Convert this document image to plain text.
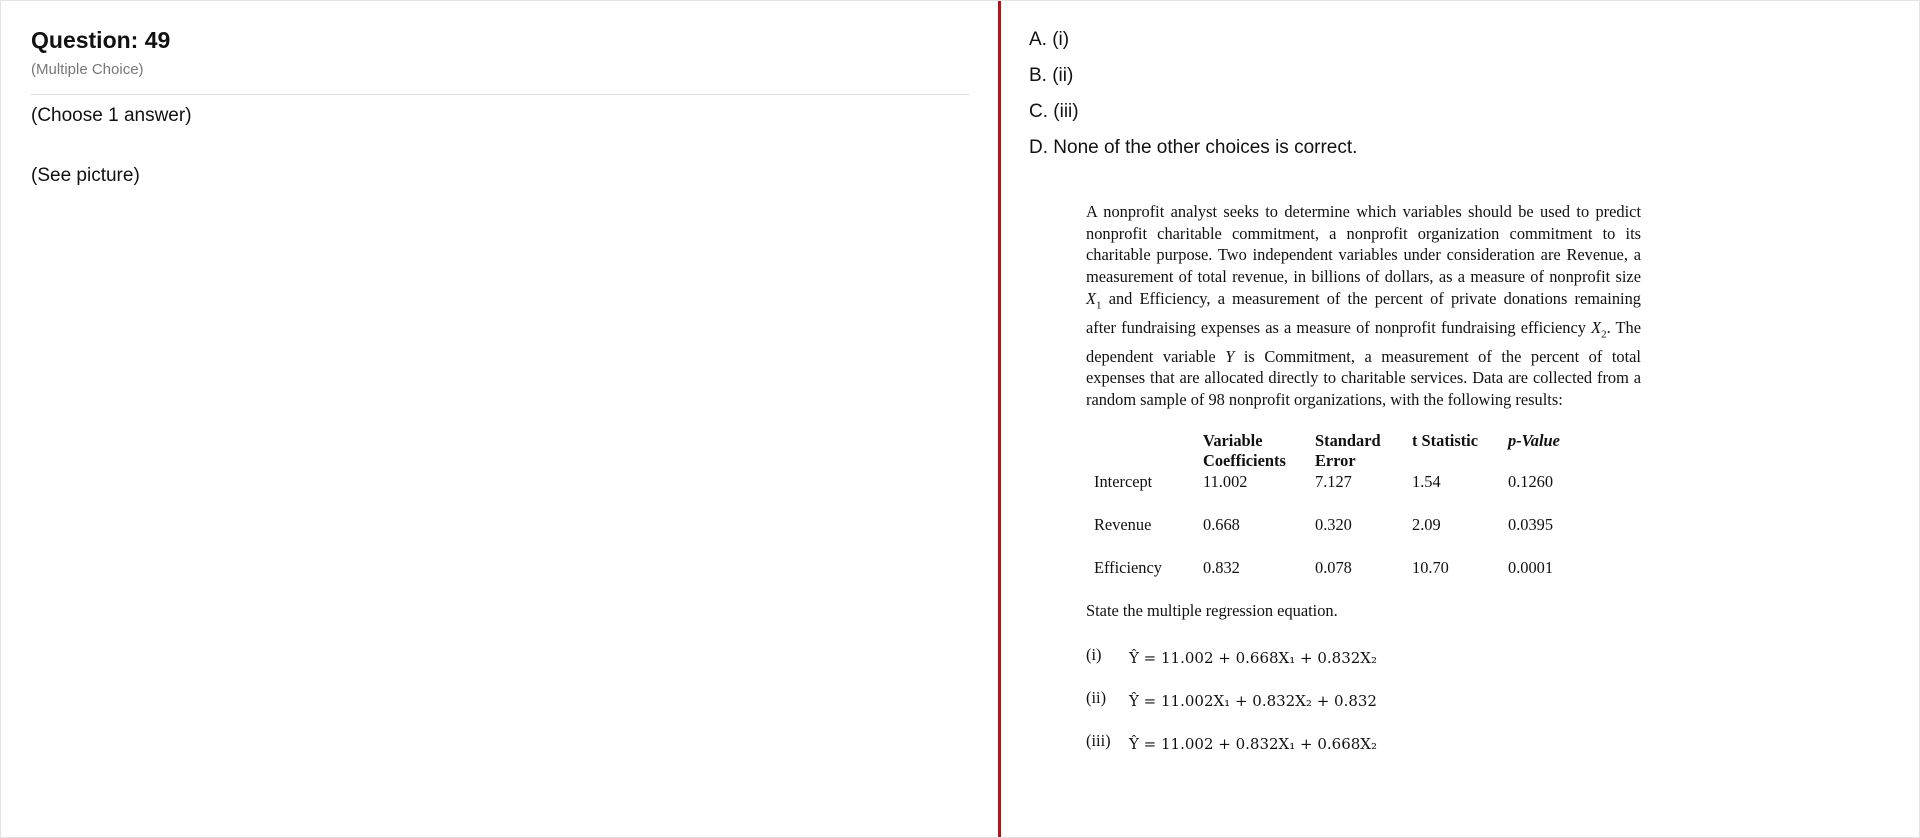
Question: 49
(Multiple Choice)
(Choose 1 answer)
(See picture)
A. (i)
B. (ii)
C. (iii)
D. None of the other choices is correct.
A nonprofit analyst seeks to determine which variables should be used to predict nonprofit charitable commitment, a nonprofit organization commitment to its charitable purpose. Two independent variables under consideration are Revenue, a measurement of total revenue, in billions of dollars, as a measure of nonprofit size $X_1$ and Efficiency, a measurement of the percent of private donations remaining after fundraising expenses as a measure of nonprofit fundraising efficiency $X_2$. The dependent variable Y is Commitment, a measurement of the percent of total expenses that are allocated directly to charitable services. Data are collected from a random sample of 98 nonprofit organizations, with the following results:
	Variable Coefficients	Standard Error	t Statistic	p-Value
Intercept	11.002	7.127	1.54	0.1260
Revenue	0.668	0.320	2.09	0.0395
Efficiency	0.832	0.078	10.70	0.0001
State the multiple regression equation.
(i) Ŷ = 11.002 + 0.668X₁ + 0.832X₂
(ii) Ŷ = 11.002X₁ + 0.832X₂ + 0.832
(iii) Ŷ = 11.002 + 0.832X₁ + 0.668X₂
